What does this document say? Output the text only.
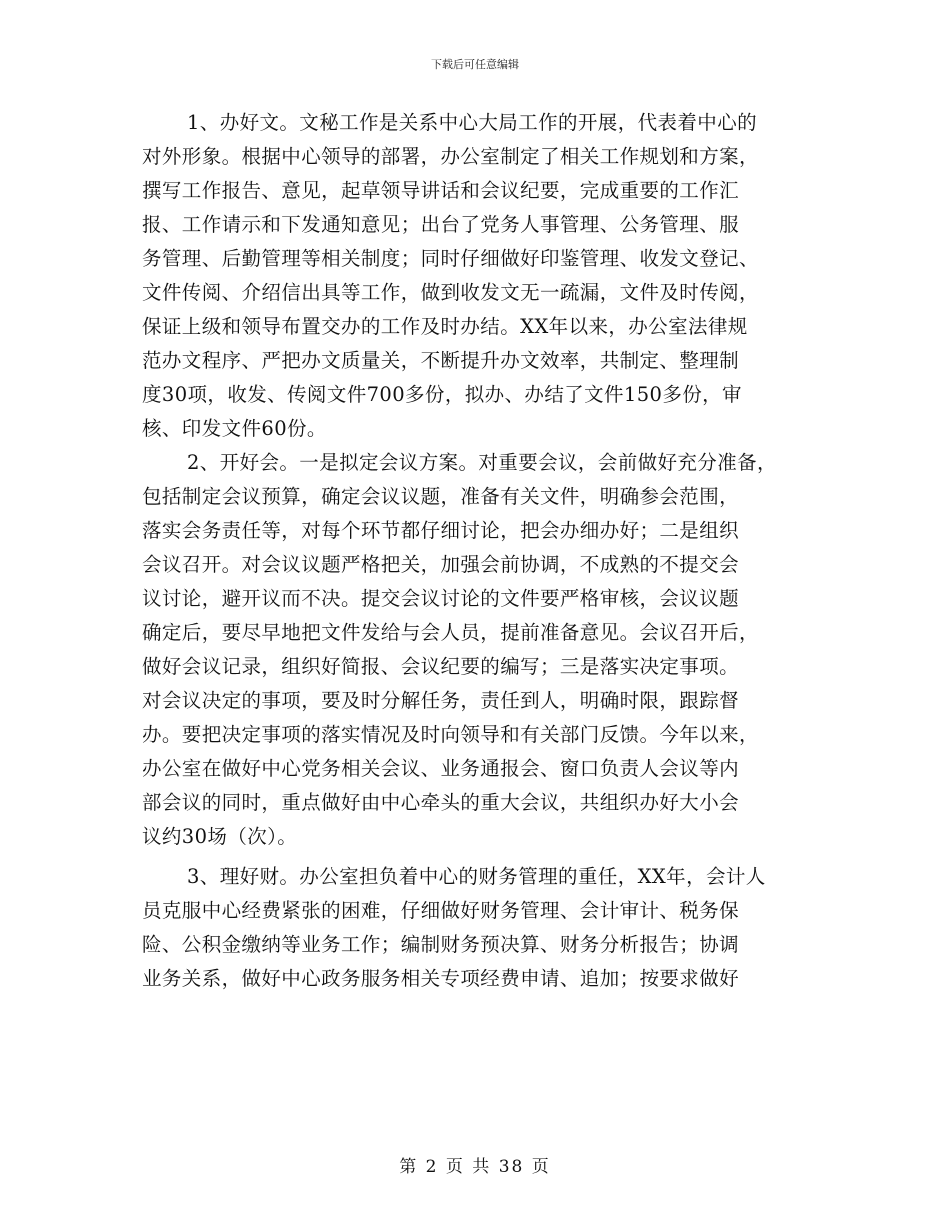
下载后可任意编辑
1、办好文。文秘工作是关系中心大局工作的开展，代表着中心的
对外形象。根据中心领导的部署，办公室制定了相关工作规划和方案，
撰写工作报告、意见，起草领导讲话和会议纪要，完成重要的工作汇
报、工作请示和下发通知意见；出台了党务人事管理、公务管理、服
务管理、后勤管理等相关制度；同时仔细做好印鉴管理、收发文登记、
文件传阅、介绍信出具等工作，做到收发文无一疏漏，文件及时传阅，
保证上级和领导布置交办的工作及时办结。XX年以来，办公室法律规
范办文程序、严把办文质量关，不断提升办文效率，共制定、整理制
度30项，收发、传阅文件700多份，拟办、办结了文件150多份，审
核、印发文件60份。
2、开好会。一是拟定会议方案。对重要会议，会前做好充分准备，
包括制定会议预算，确定会议议题，准备有关文件，明确参会范围，
落实会务责任等，对每个环节都仔细讨论，把会办细办好；二是组织
会议召开。对会议议题严格把关，加强会前协调，不成熟的不提交会
议讨论，避开议而不决。提交会议讨论的文件要严格审核，会议议题
确定后，要尽早地把文件发给与会人员，提前准备意见。会议召开后，
做好会议记录，组织好简报、会议纪要的编写；三是落实决定事项。
对会议决定的事项，要及时分解任务，责任到人，明确时限，跟踪督
办。要把决定事项的落实情况及时向领导和有关部门反馈。今年以来，
办公室在做好中心党务相关会议、业务通报会、窗口负责人会议等内
部会议的同时，重点做好由中心牵头的重大会议，共组织办好大小会
议约30场（次）。
3、理好财。办公室担负着中心的财务管理的重任，XX年，会计人
员克服中心经费紧张的困难，仔细做好财务管理、会计审计、税务保
险、公积金缴纳等业务工作；编制财务预决算、财务分析报告；协调
业务关系，做好中心政务服务相关专项经费申请、追加；按要求做好
第 2 页 共 38 页
